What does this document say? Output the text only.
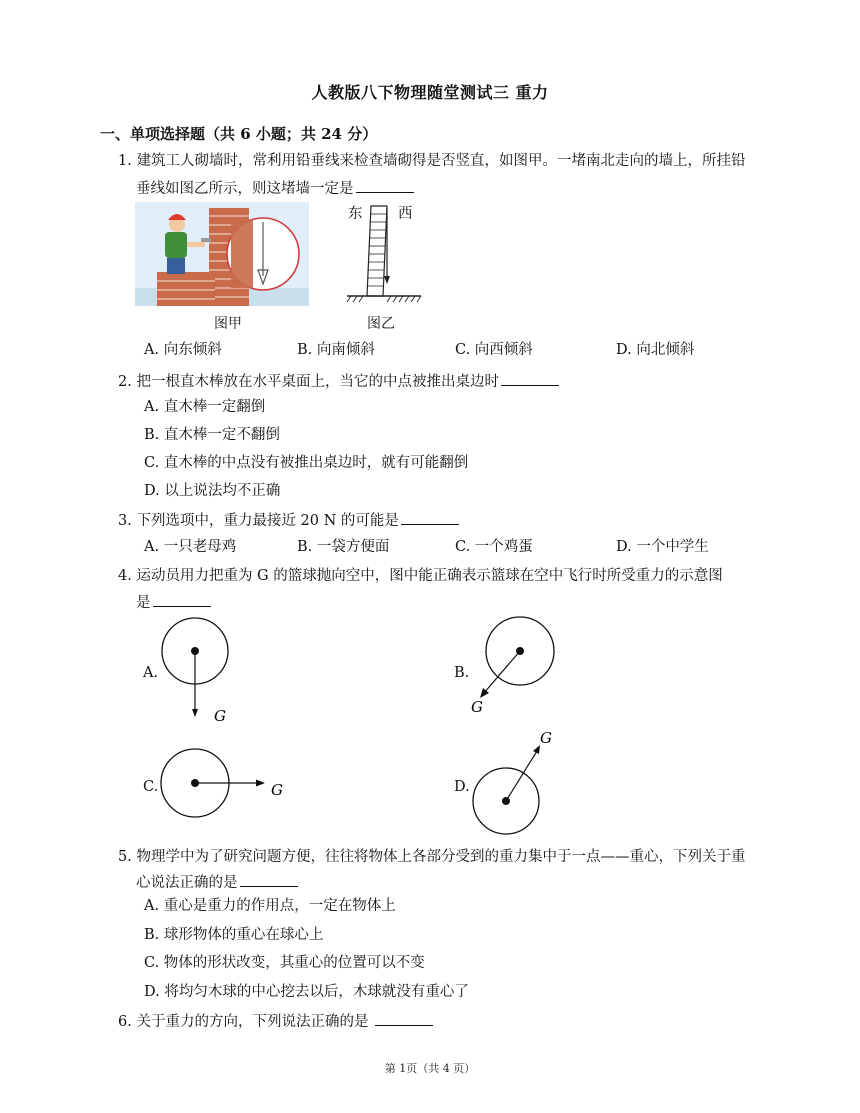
人教版八下物理随堂测试三 重力
一、单项选择题（共 6 小题；共 24 分）
1. 建筑工人砌墙时，常利用铅垂线来检查墙砌得是否竖直，如图甲。一堵南北走向的墙上，所挂铅
垂线如图乙所示，则这堵墙一定是
图甲
东 西
图乙
A. 向东倾斜	B. 向南倾斜	C. 向西倾斜	D. 向北倾斜
2. 把一根直木棒放在水平桌面上，当它的中点被推出桌边时
A. 直木棒一定翻倒
B. 直木棒一定不翻倒
C. 直木棒的中点没有被推出桌边时，就有可能翻倒
D. 以上说法均不正确
3. 下列选项中，重力最接近 20 N 的可能是
A. 一只老母鸡	B. 一袋方便面	C. 一个鸡蛋	D. 一个中学生
4. 运动员用力把重为 G 的篮球抛向空中，图中能正确表示篮球在空中飞行时所受重力的示意图
是
A.
G
B.
G
C.	G	D.
G
5. 物理学中为了研究问题方便，往往将物体上各部分受到的重力集中于一点——重心，下列关于重
心说法正确的是
A. 重心是重力的作用点，一定在物体上
B. 球形物体的重心在球心上
C. 物体的形状改变，其重心的位置可以不变
D. 将均匀木球的中心挖去以后，木球就没有重心了
6. 关于重力的方向，下列说法正确的是
第 1页（共 4 页）
